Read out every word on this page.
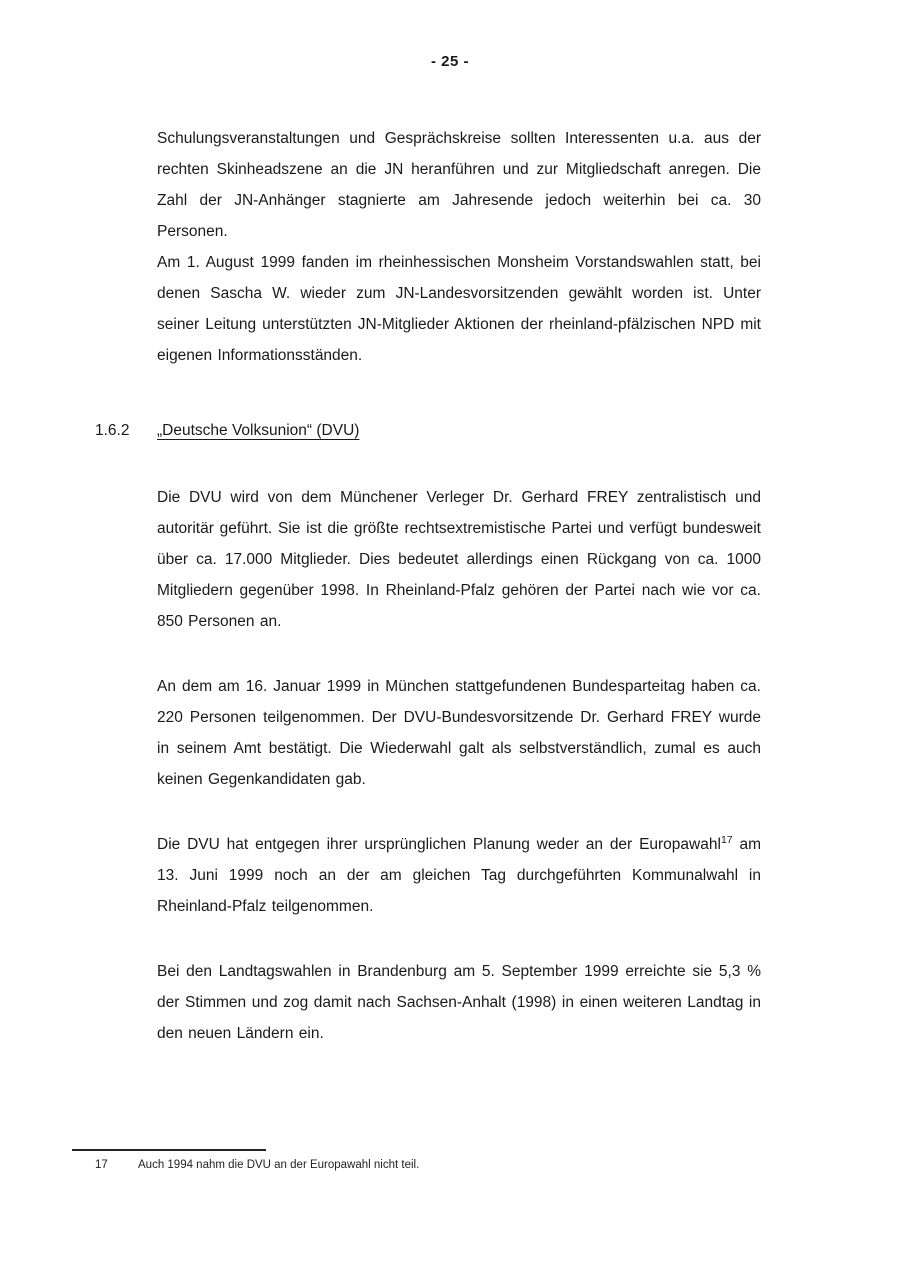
- 25 -

Schulungsveranstaltungen und Gesprächskreise sollten Interessenten u.a. aus der rechten Skinheadszene an die JN heranführen und zur Mitgliedschaft anregen. Die Zahl der JN-Anhänger stagnierte am Jahresende jedoch weiterhin bei ca. 30 Personen.

Am 1. August 1999 fanden im rheinhessischen Monsheim Vorstandswahlen statt, bei denen Sascha W. wieder zum JN-Landesvorsitzenden gewählt worden ist. Unter seiner Leitung unterstützten JN-Mitglieder Aktionen der rheinland-pfälzischen NPD mit eigenen Informationsständen.

1.6.2	„Deutsche Volksunion“ (DVU)

Die DVU wird von dem Münchener Verleger Dr. Gerhard FREY zentralistisch und autoritär geführt. Sie ist die größte rechtsextremistische Partei und verfügt bundesweit über ca. 17.000 Mitglieder. Dies bedeutet allerdings einen Rückgang von ca. 1000 Mitgliedern gegenüber 1998. In Rheinland-Pfalz gehören der Partei nach wie vor ca. 850 Personen an.

An dem am 16. Januar 1999 in München stattgefundenen Bundesparteitag haben ca. 220 Personen teilgenommen. Der DVU-Bundesvorsitzende Dr. Gerhard FREY wurde in seinem Amt bestätigt. Die Wiederwahl galt als selbstverständlich, zumal es auch keinen Gegenkandidaten gab.

Die DVU hat entgegen ihrer ursprünglichen Planung weder an der Europawahl$^{17}$ am 13. Juni 1999 noch an der am gleichen Tag durchgeführten Kommunalwahl in Rheinland-Pfalz teilgenommen.

Bei den Landtagswahlen in Brandenburg am 5. September 1999 erreichte sie 5,3 % der Stimmen und zog damit nach Sachsen-Anhalt (1998) in einen weiteren Landtag in den neuen Ländern ein.

17	Auch 1994 nahm die DVU an der Europawahl nicht teil.
